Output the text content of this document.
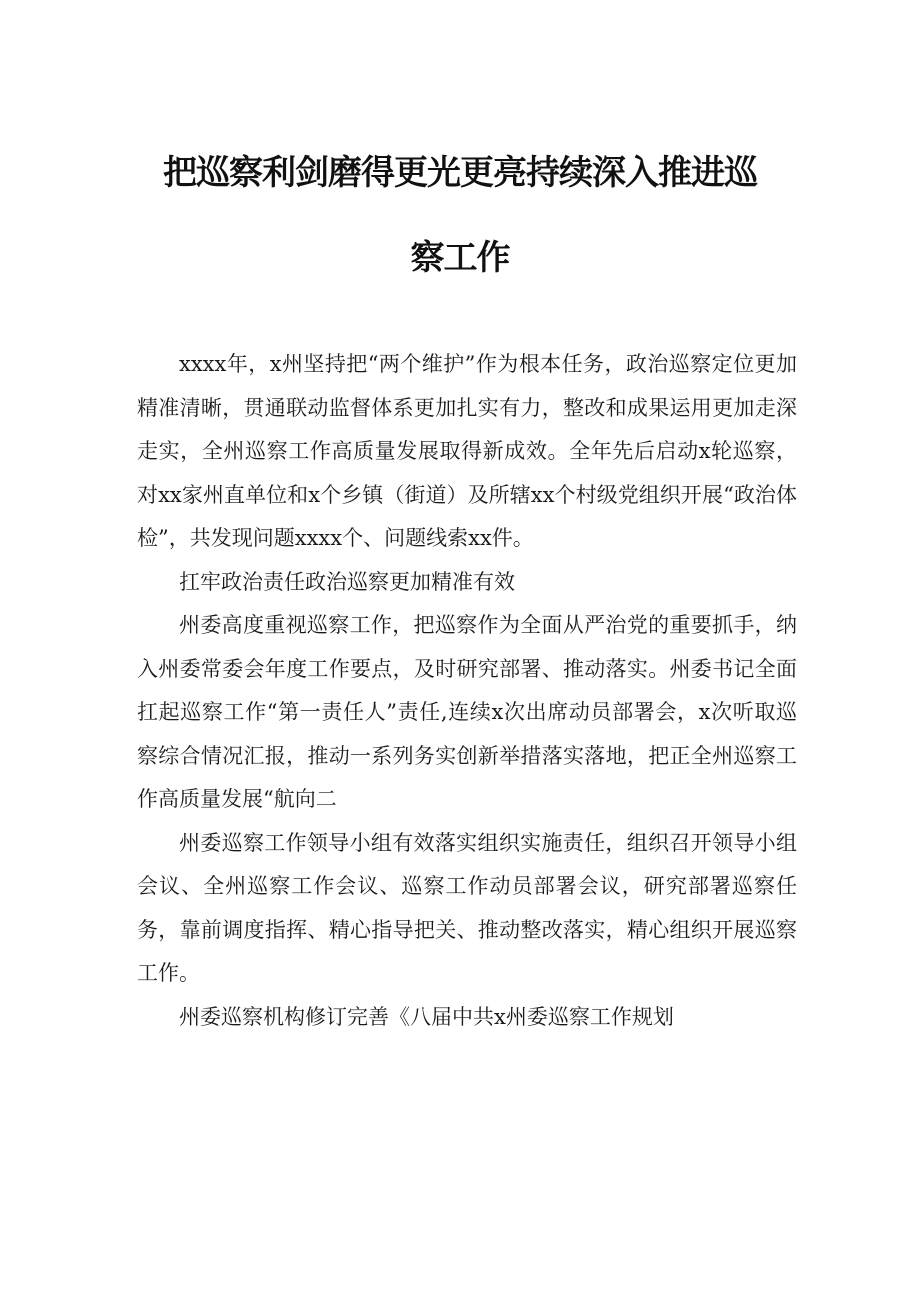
把巡察利剑磨得更光更亮持续深入推进巡
察工作

xxxx年，x州坚持把“两个维护”作为根本任务，政治巡察定位更加精准清晰，贯通联动监督体系更加扎实有力，整改和成果运用更加走深走实，全州巡察工作高质量发展取得新成效。全年先后启动x轮巡察，对xx家州直单位和x个乡镇（街道）及所辖xx个村级党组织开展“政治体检”，共发现问题xxxx个、问题线索xx件。

扛牢政治责任政治巡察更加精准有效

州委高度重视巡察工作，把巡察作为全面从严治党的重要抓手，纳入州委常委会年度工作要点，及时研究部署、推动落实。州委书记全面扛起巡察工作“第一责任人”责任,连续x次出席动员部署会，x次听取巡察综合情况汇报，推动一系列务实创新举措落实落地，把正全州巡察工作高质量发展“航向二

州委巡察工作领导小组有效落实组织实施责任，组织召开领导小组会议、全州巡察工作会议、巡察工作动员部署会议，研究部署巡察任务，靠前调度指挥、精心指导把关、推动整改落实，精心组织开展巡察工作。

州委巡察机构修订完善《八届中共x州委巡察工作规划
